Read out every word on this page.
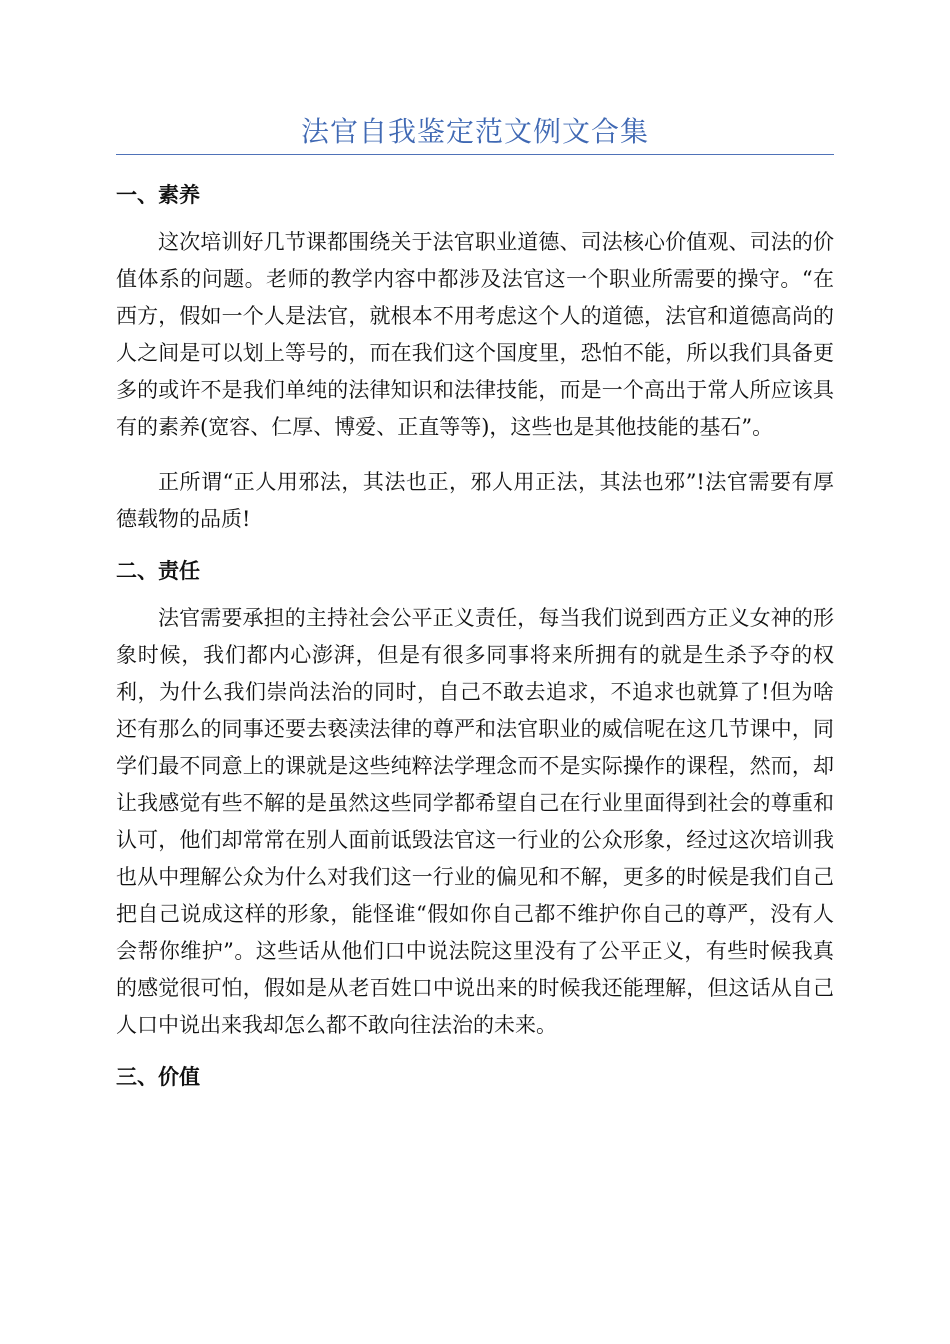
法官自我鉴定范文例文合集
一、素养

这次培训好几节课都围绕关于法官职业道德、司法核心价值观、司法的价值体系的问题。老师的教学内容中都涉及法官这一个职业所需要的操守。“在西方，假如一个人是法官，就根本不用考虑这个人的道德，法官和道德高尚的人之间是可以划上等号的，而在我们这个国度里，恐怕不能，所以我们具备更多的或许不是我们单纯的法律知识和法律技能，而是一个高出于常人所应该具有的素养(宽容、仁厚、博爱、正直等等)，这些也是其他技能的基石”。

正所谓“正人用邪法，其法也正，邪人用正法，其法也邪”!法官需要有厚德载物的品质!

二、责任

法官需要承担的主持社会公平正义责任，每当我们说到西方正义女神的形象时候，我们都内心澎湃，但是有很多同事将来所拥有的就是生杀予夺的权利，为什么我们崇尚法治的同时，自己不敢去追求，不追求也就算了!但为啥还有那么的同事还要去亵渎法律的尊严和法官职业的威信呢在这几节课中，同学们最不同意上的课就是这些纯粹法学理念而不是实际操作的课程，然而，却让我感觉有些不解的是虽然这些同学都希望自己在行业里面得到社会的尊重和认可，他们却常常在别人面前诋毁法官这一行业的公众形象，经过这次培训我也从中理解公众为什么对我们这一行业的偏见和不解，更多的时候是我们自己把自己说成这样的形象，能怪谁“假如你自己都不维护你自己的尊严，没有人会帮你维护”。这些话从他们口中说法院这里没有了公平正义，有些时候我真的感觉很可怕，假如是从老百姓口中说出来的时候我还能理解，但这话从自己人口中说出来我却怎么都不敢向往法治的未来。

三、价值
